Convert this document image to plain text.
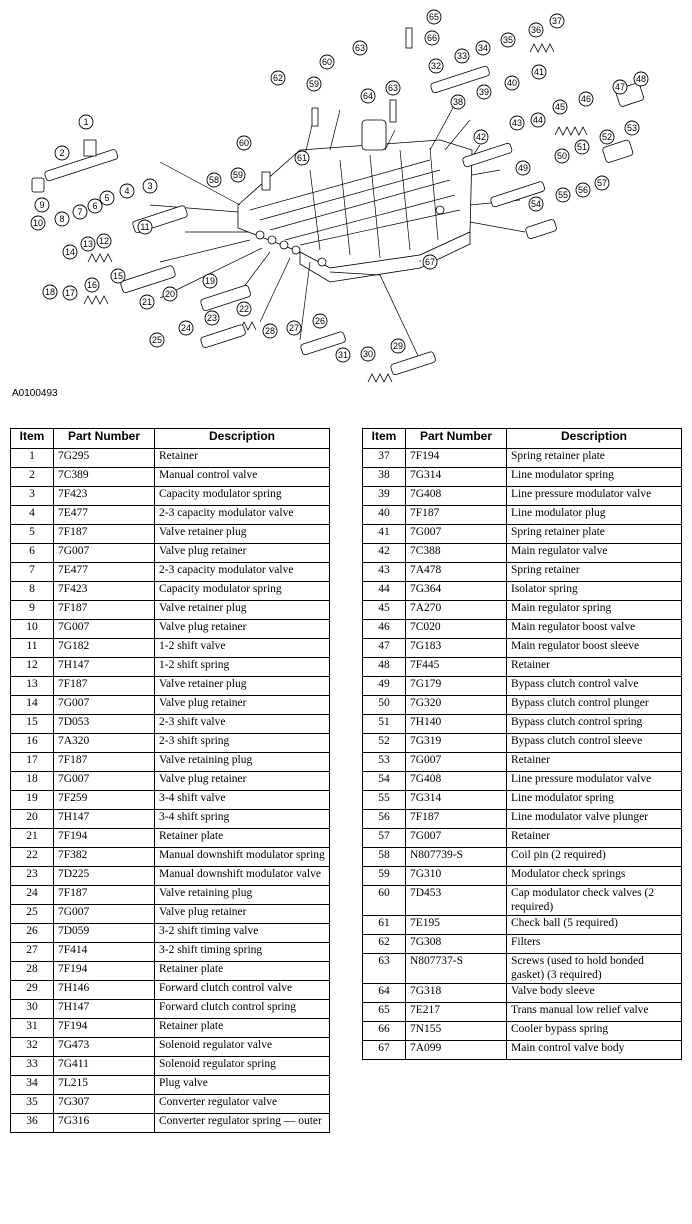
1
2
3
4
5
6
7
8
9
10	11
12
13
14
15
16
17
18
19
20
21
22
23
24
25
26
27
28
29
30
31
32
33
34
35
36
37
38
39
40
41
42
43 44
45
46
47
48
49
50
51
52
53
54
55 56
57
58 59
59
60
60
61
62
63
63
64
65
66
67
A0100493
Item	Part Number	Description
1	7G295	Retainer
2	7C389	Manual control valve
3	7F423	Capacity modulator spring
4	7E477	2-3 capacity modulator valve
5	7F187	Valve retainer plug
6	7G007	Valve plug retainer
7	7E477	2-3 capacity modulator valve
8	7F423	Capacity modulator spring
9	7F187	Valve retainer plug
10	7G007	Valve plug retainer
11	7G182	1-2 shift valve
12	7H147	1-2 shift spring
13	7F187	Valve retainer plug
14	7G007	Valve plug retainer
15	7D053	2-3 shift valve
16	7A320	2-3 shift spring
17	7F187	Valve retaining plug
18	7G007	Valve plug retainer
19	7F259	3-4 shift valve
20	7H147	3-4 shift spring
21	7F194	Retainer plate
22	7F382	Manual downshift modulator spring
23	7D225	Manual downshift modulator valve
24	7F187	Valve retaining plug
25	7G007	Valve plug retainer
26	7D059	3-2 shift timing valve
27	7F414	3-2 shift timing spring
28	7F194	Retainer plate
29	7H146	Forward clutch control valve
30	7H147	Forward clutch control spring
31	7F194	Retainer plate
32	7G473	Solenoid regulator valve
33	7G411	Solenoid regulator spring
34	7L215	Plug valve
35	7G307	Converter regulator valve
36	7G316	Converter regulator spring — outer
Item	Part Number	Description
37	7F194	Spring retainer plate
38	7G314	Line modulator spring
39	7G408	Line pressure modulator valve
40	7F187	Line modulator plug
41	7G007	Spring retainer plate
42	7C388	Main regulator valve
43	7A478	Spring retainer
44	7G364	Isolator spring
45	7A270	Main regulator spring
46	7C020	Main regulator boost valve
47	7G183	Main regulator boost sleeve
48	7F445	Retainer
49	7G179	Bypass clutch control valve
50	7G320	Bypass clutch control plunger
51	7H140	Bypass clutch control spring
52	7G319	Bypass clutch control sleeve
53	7G007	Retainer
54	7G408	Line pressure modulator valve
55	7G314	Line modulator spring
56	7F187	Line modulator valve plunger
57	7G007	Retainer
58	N807739-S	Coil pin (2 required)
59	7G310	Modulator check springs
60	7D453	Cap modulator check valves (2 required)
61	7E195	Check ball (5 required)
62	7G308	Filters
63	N807737-S	Screws (used to hold bonded gasket) (3 required)
64	7G318	Valve body sleeve
65	7E217	Trans manual low relief valve
66	7N155	Cooler bypass spring
67	7A099	Main control valve body
